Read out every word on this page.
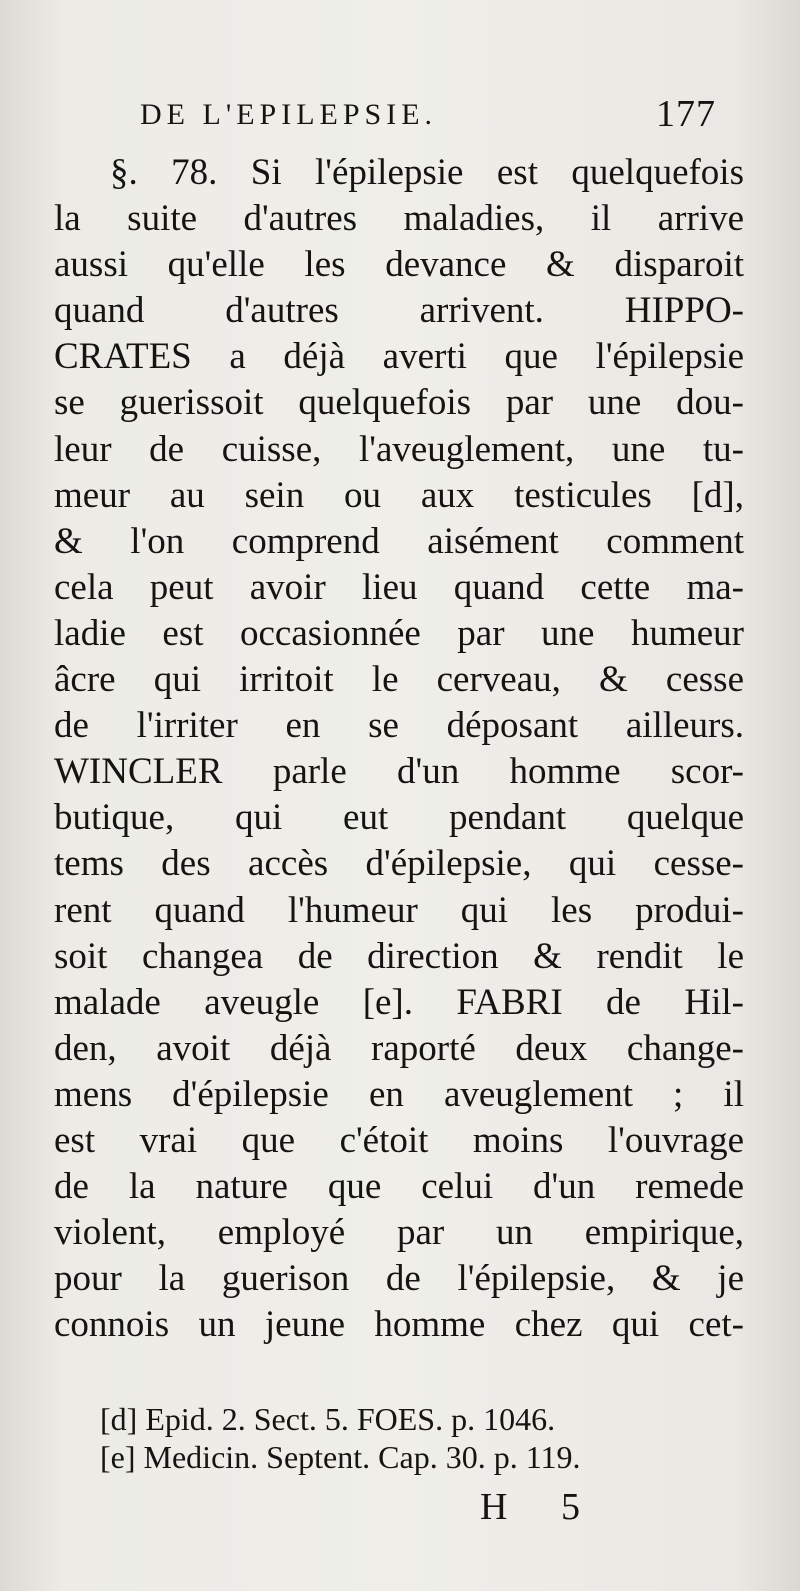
DE L'EPILEPSIE.	177
§. 78. Si l'épilepsie est quelquefois
la suite d'autres maladies, il arrive
aussi qu'elle les devance & disparoit
quand d'autres arrivent. HIPPO-
CRATES a déjà averti que l'épilepsie
se guerissoit quelquefois par une dou-
leur de cuisse, l'aveuglement, une tu-
meur au sein ou aux testicules [d],
& l'on comprend aisément comment
cela peut avoir lieu quand cette ma-
ladie est occasionnée par une humeur
âcre qui irritoit le cerveau, & cesse
de l'irriter en se déposant ailleurs.
WINCLER parle d'un homme scor-
butique, qui eut pendant quelque
tems des accès d'épilepsie, qui cesse-
rent quand l'humeur qui les produi-
soit changea de direction & rendit le
malade aveugle [e]. FABRI de Hil-
den, avoit déjà raporté deux change-
mens d'épilepsie en aveuglement ; il
est vrai que c'étoit moins l'ouvrage
de la nature que celui d'un remede
violent, employé par un empirique,
pour la guerison de l'épilepsie, & je
connois un jeune homme chez qui cet-
[d] Epid. 2. Sect. 5. FOES. p. 1046.
[e] Medicin. Septent. Cap. 30. p. 119.
H 5
